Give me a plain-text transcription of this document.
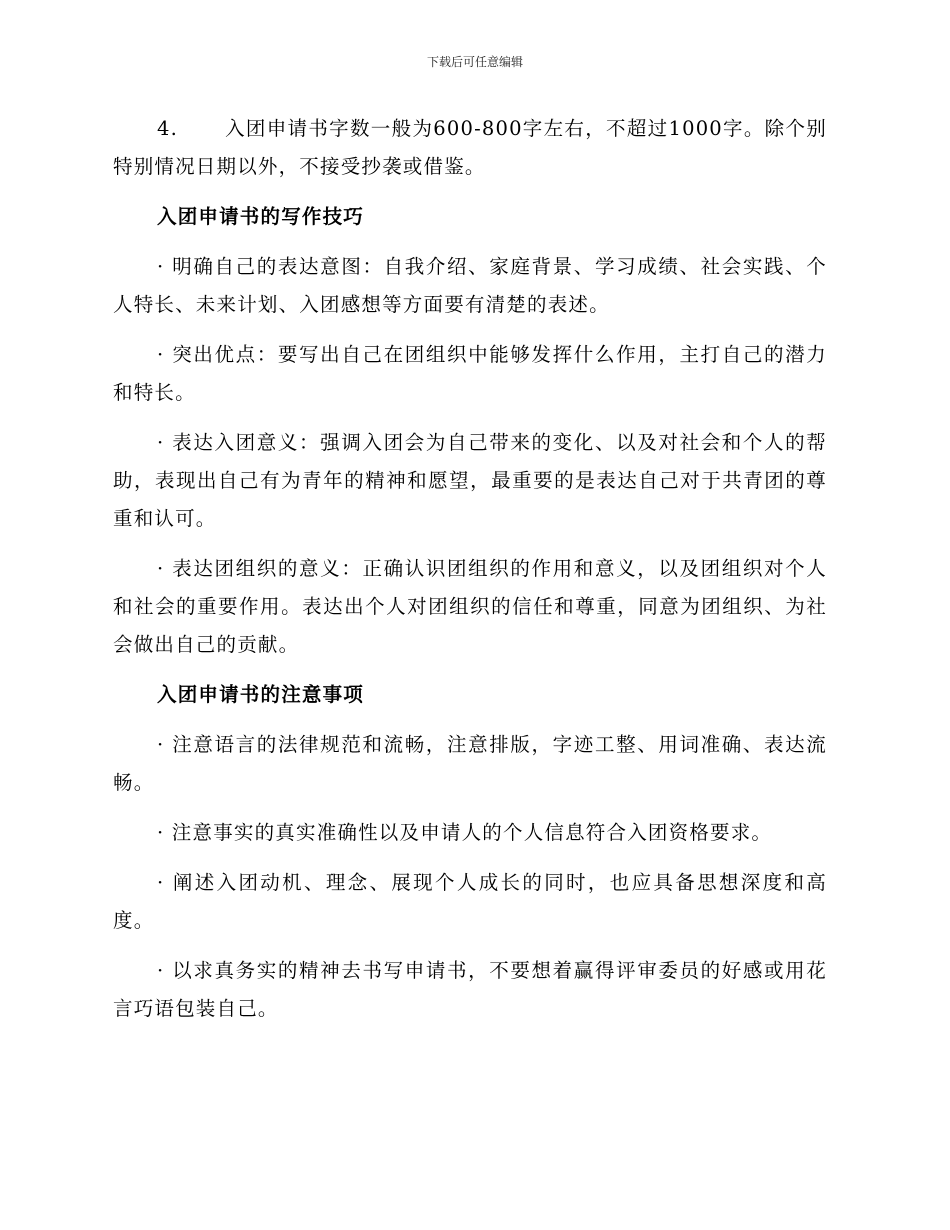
下载后可任意编辑

4. 入团申请书字数一般为600-800字左右，不超过1000字。除个别特别情况日期以外，不接受抄袭或借鉴。

入团申请书的写作技巧

· 明确自己的表达意图：自我介绍、家庭背景、学习成绩、社会实践、个人特长、未来计划、入团感想等方面要有清楚的表述。

· 突出优点：要写出自己在团组织中能够发挥什么作用，主打自己的潜力和特长。

· 表达入团意义：强调入团会为自己带来的变化、以及对社会和个人的帮助，表现出自己有为青年的精神和愿望，最重要的是表达自己对于共青团的尊重和认可。

· 表达团组织的意义：正确认识团组织的作用和意义，以及团组织对个人和社会的重要作用。表达出个人对团组织的信任和尊重，同意为团组织、为社会做出自己的贡献。

入团申请书的注意事项

· 注意语言的法律规范和流畅，注意排版，字迹工整、用词准确、表达流畅。

· 注意事实的真实准确性以及申请人的个人信息符合入团资格要求。

· 阐述入团动机、理念、展现个人成长的同时，也应具备思想深度和高度。

· 以求真务实的精神去书写申请书，不要想着赢得评审委员的好感或用花言巧语包装自己。
